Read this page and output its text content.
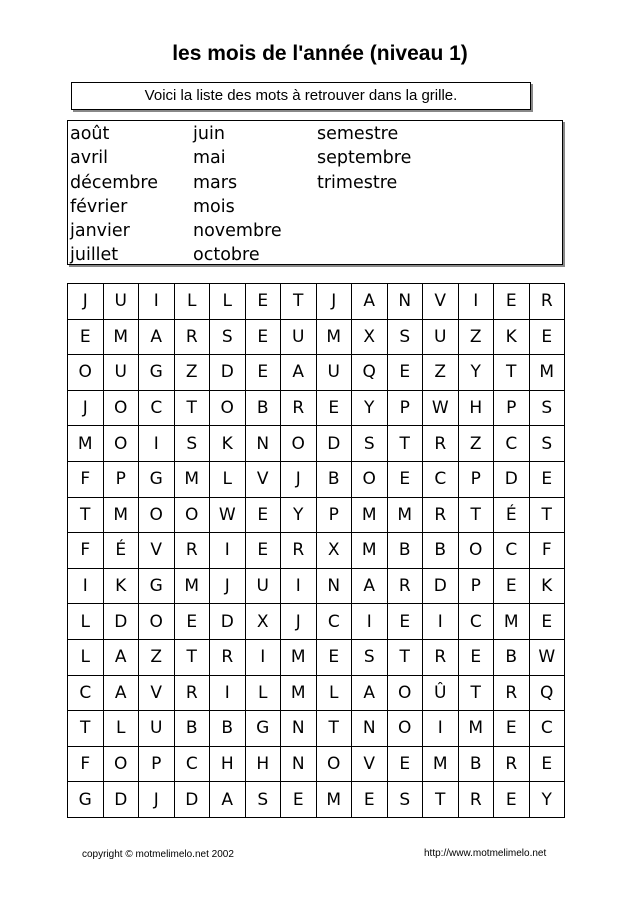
les mois de l'année (niveau 1)
Voici la liste des mots à retrouver dans la grille.
août
avril
décembre
février
janvier
juillet
juin
mai
mars
mois
novembre
octobre
semestre
septembre
trimestre
J	U	I	L	L	E	T	J	A	N	V	I	E	R
E	M	A	R	S	E	U	M	X	S	U	Z	K	E
O	U	G	Z	D	E	A	U	Q	E	Z	Y	T	M
J	O	C	T	O	B	R	E	Y	P	W	H	P	S
M	O	I	S	K	N	O	D	S	T	R	Z	C	S
F	P	G	M	L	V	J	B	O	E	C	P	D	E
T	M	O	O	W	E	Y	P	M	M	R	T	É	T
F	É	V	R	I	E	R	X	M	B	B	O	C	F
I	K	G	M	J	U	I	N	A	R	D	P	E	K
L	D	O	E	D	X	J	C	I	E	I	C	M	E
L	A	Z	T	R	I	M	E	S	T	R	E	B	W
C	A	V	R	I	L	M	L	A	O	Û	T	R	Q
T	L	U	B	B	G	N	T	N	O	I	M	E	C
F	O	P	C	H	H	N	O	V	E	M	B	R	E
G	D	J	D	A	S	E	M	E	S	T	R	E	Y
copyright © motmelimelo.net 2002	http://www.motmelimelo.net
